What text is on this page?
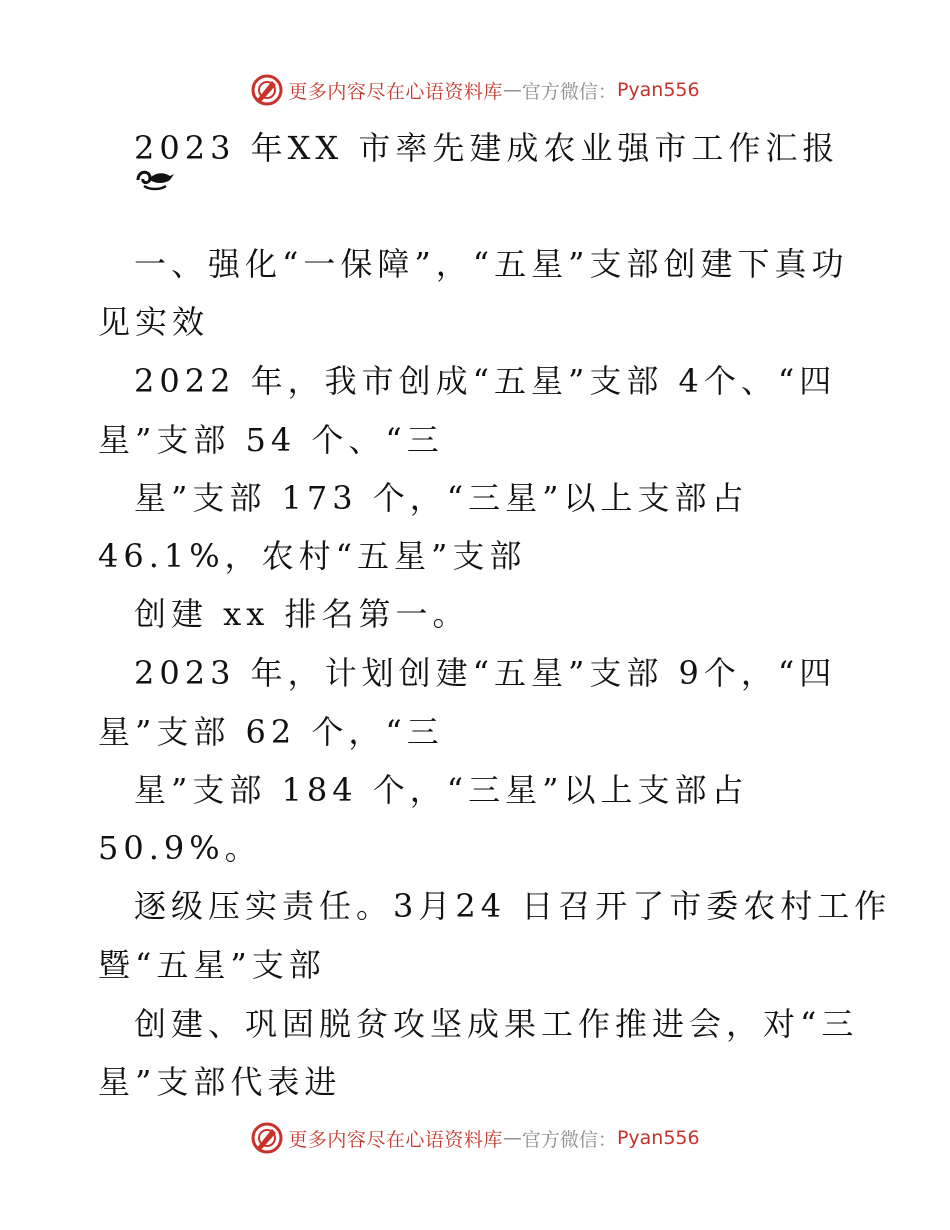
更多内容尽在心语资料库 — 官方微信： Pyan556
2023 年XX 市率先建成农业强市工作汇报
一、强化“一保障”，“五星”支部创建下真功
见实效
2022 年，我市创成“五星”支部 4个、“四
星”支部 54 个、“三
星”支部 173 个，“三星”以上支部占
46.1%，农村“五星”支部
创建 xx 排名第一。
2023 年，计划创建“五星”支部 9个，“四
星”支部 62 个，“三
星”支部 184 个，“三星”以上支部占
50.9%。
逐级压实责任。3月24 日召开了市委农村工作
暨“五星”支部
创建、巩固脱贫攻坚成果工作推进会，对“三
星”支部代表进
更多内容尽在心语资料库 — 官方微信： Pyan556
